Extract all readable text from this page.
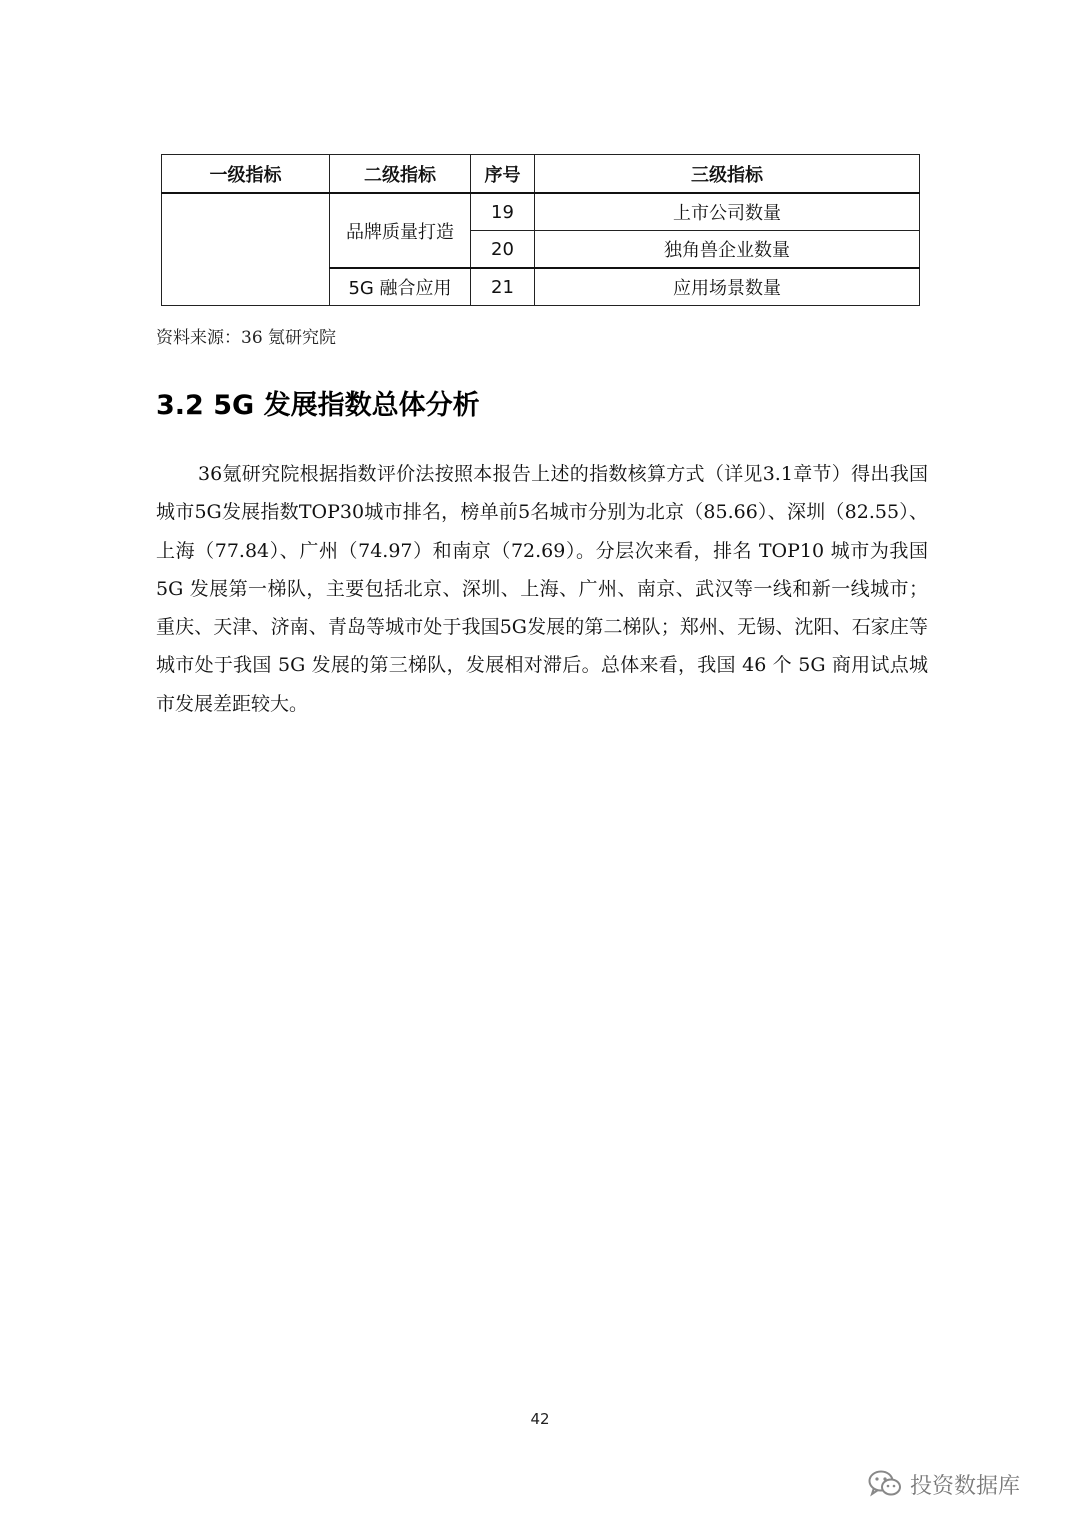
一级指标	二级指标	序号	三级指标
	品牌质量打造	19	上市公司数量
		20	独角兽企业数量
	5G 融合应用	21	应用场景数量
资料来源：36 氪研究院
3.2 5G 发展指数总体分析

36氪研究院根据指数评价法按照本报告上述的指数核算方式（详见3.1章节）得出我国城市5G发展指数TOP30城市排名，榜单前5名城市分别为北京（85.66）、深圳（82.55）、上海（77.84）、广州（74.97）和南京（72.69）。分层次来看，排名 TOP10 城市为我国 5G 发展第一梯队，主要包括北京、深圳、上海、广州、南京、武汉等一线和新一线城市；重庆、天津、济南、青岛等城市处于我国5G发展的第二梯队；郑州、无锡、沈阳、石家庄等城市处于我国 5G 发展的第三梯队，发展相对滞后。总体来看，我国 46 个 5G 商用试点城市发展差距较大。

42
投资数据库
